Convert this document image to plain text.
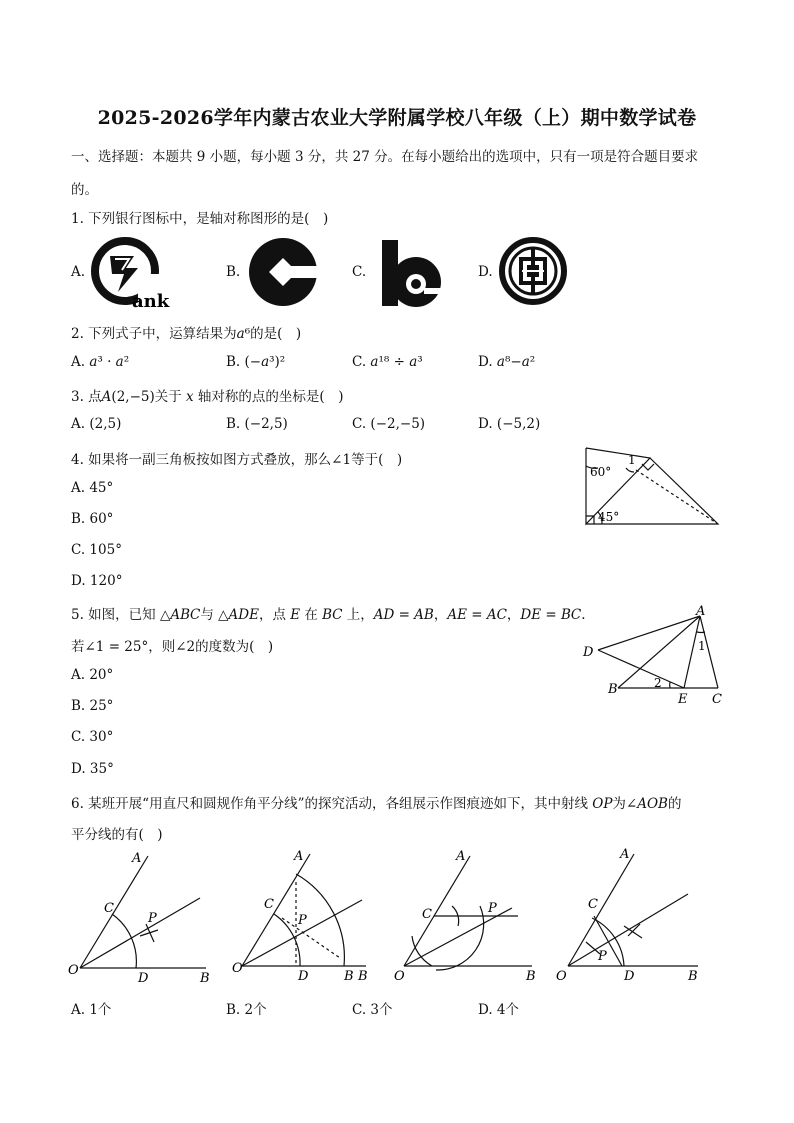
2025-2026学年内蒙古农业大学附属学校八年级（上）期中数学试卷
一、选择题：本题共 9 小题，每小题 3 分，共 27 分。在每小题给出的选项中，只有一项是符合题目要求
的。
1. 下列银行图标中，是轴对称图形的是(　)
A.
ank
B.	C.	D.
2. 下列式子中，运算结果为𝑎⁶的是(　)
A. 𝑎³ · 𝑎²	B. (−𝑎³)²	C. 𝑎¹⁸ ÷ 𝑎³	D. 𝑎⁸−𝑎²
3. 点𝐴(2,−5)关于 𝑥 轴对称的点的坐标是(　)
A. (2,5)	B. (−2,5)	C. (−2,−5)	D. (−5,2)
4. 如果将一副三角板按如图方式叠放，那么∠1等于(　)
A. 45°
B. 60°
C. 105°
D. 120°
60°
45°
1
5. 如图，已知 △𝐴𝐵𝐶与 △𝐴𝐷𝐸，点 𝐸 在 𝐵𝐶 上，𝐴𝐷 = 𝐴𝐵，𝐴𝐸 = 𝐴𝐶，𝐷𝐸 = 𝐵𝐶.
若∠1 = 25°，则∠2的度数为(　)
A. 20°
B. 25°
C. 30°
D. 35°
A
D
B
E C
1
2
6. 某班开展“用直尺和圆规作角平分线”的探究活动，各组展示作图痕迹如下，其中射线 𝑂𝑃为∠𝐴𝑂𝐵的
平分线的有(　)
O
A
B
C
D
P
O
A
B
C
D
P
B	O
A
B
C	P
O
A
B
C
D
P
A. 1个	B. 2个	C. 3个	D. 4个
